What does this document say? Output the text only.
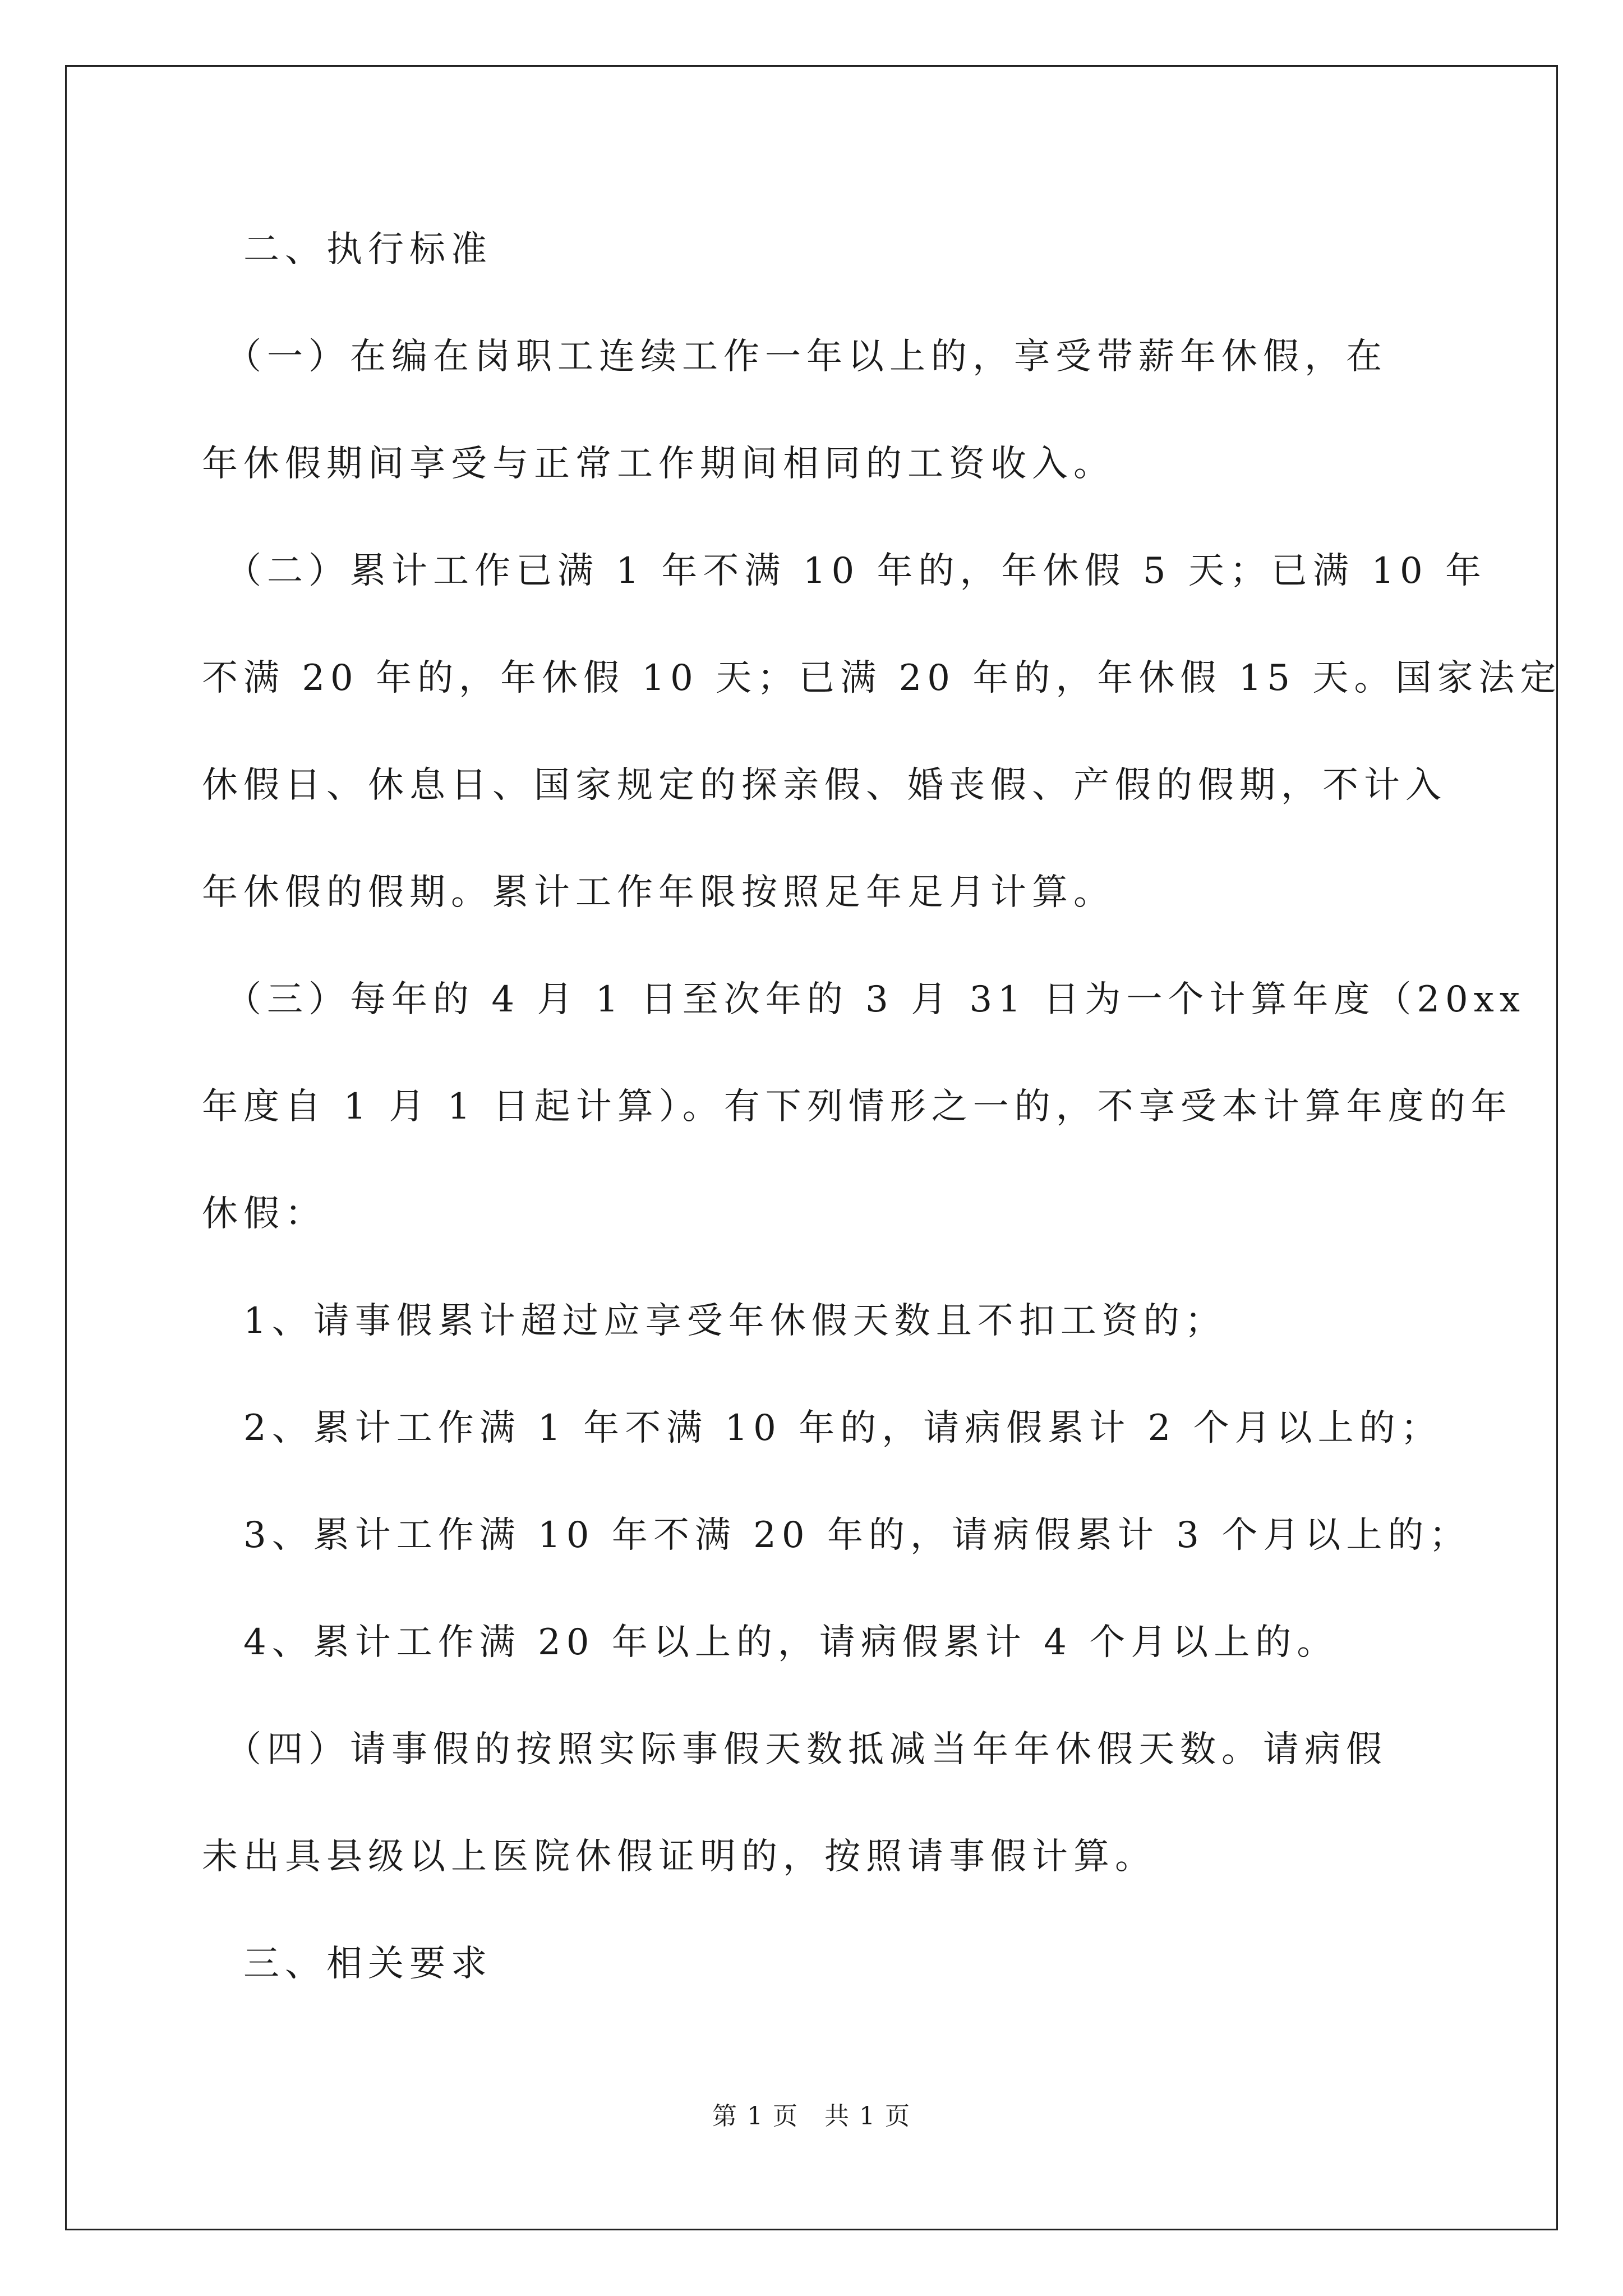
　二、执行标准

　（一）在编在岗职工连续工作一年以上的，享受带薪年休假，在
年休假期间享受与正常工作期间相同的工资收入。

　（二）累计工作已满 1 年不满 10 年的，年休假 5 天；已满 10 年
不满 20 年的，年休假 10 天；已满 20 年的，年休假 15 天。国家法定
休假日、休息日、国家规定的探亲假、婚丧假、产假的假期，不计入
年休假的假期。累计工作年限按照足年足月计算。

　（三）每年的 4 月 1 日至次年的 3 月 31 日为一个计算年度（20xx
年度自 1 月 1 日起计算）。有下列情形之一的，不享受本计算年度的年
休假：

　1、请事假累计超过应享受年休假天数且不扣工资的；

　2、累计工作满 1 年不满 10 年的，请病假累计 2 个月以上的；

　3、累计工作满 10 年不满 20 年的，请病假累计 3 个月以上的；

　4、累计工作满 20 年以上的，请病假累计 4 个月以上的。

　（四）请事假的按照实际事假天数抵减当年年休假天数。请病假
未出具县级以上医院休假证明的，按照请事假计算。

　三、相关要求

第 1 页　共 1 页
